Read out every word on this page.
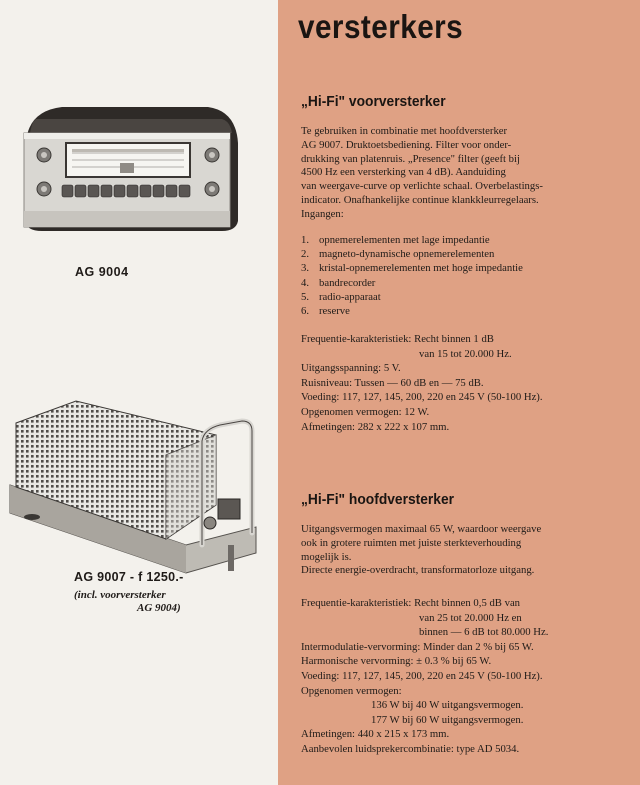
AG 9004
AG 9007 - f 1250.-
(incl. voorversterker
AG 9004)
versterkers
„Hi-Fi" voorversterker
Te gebruiken in combinatie met hoofdversterker
AG 9007. Druktoetsbediening. Filter voor onder-
drukking van platenruis. „Presence" filter (geeft bij
4500 Hz een versterking van 4 dB). Aanduiding
van weergave-curve op verlichte schaal. Overbelastings-
indicator. Onafhankelijke continue klankkleurregelaars.
Ingangen:
1. opnemerelementen met lage impedantie
2. magneto-dynamische opnemerelementen
3. kristal-opnemerelementen met hoge impedantie
4. bandrecorder
5. radio-apparaat
6. reserve
Frequentie-karakteristiek: Recht binnen 1 dB
van 15 tot 20.000 Hz.
Uitgangsspanning: 5 V.
Ruisniveau: Tussen — 60 dB en — 75 dB.
Voeding: 117, 127, 145, 200, 220 en 245 V (50-100 Hz).
Opgenomen vermogen: 12 W.
Afmetingen: 282 x 222 x 107 mm.
„Hi-Fi" hoofdversterker
Uitgangsvermogen maximaal 65 W, waardoor weergave
ook in grotere ruimten met juiste sterkteverhouding
mogelijk is.
Directe energie-overdracht, transformatorloze uitgang.
Frequentie-karakteristiek: Recht binnen 0,5 dB van
van 25 tot 20.000 Hz en
binnen — 6 dB tot 80.000 Hz.
Intermodulatie-vervorming: Minder dan 2 % bij 65 W.
Harmonische vervorming: ± 0.3 % bij 65 W.
Voeding: 117, 127, 145, 200, 220 en 245 V (50-100 Hz).
Opgenomen vermogen:
136 W bij 40 W uitgangsvermogen.
177 W bij 60 W uitgangsvermogen.
Afmetingen: 440 x 215 x 173 mm.
Aanbevolen luidsprekercombinatie: type AD 5034.
